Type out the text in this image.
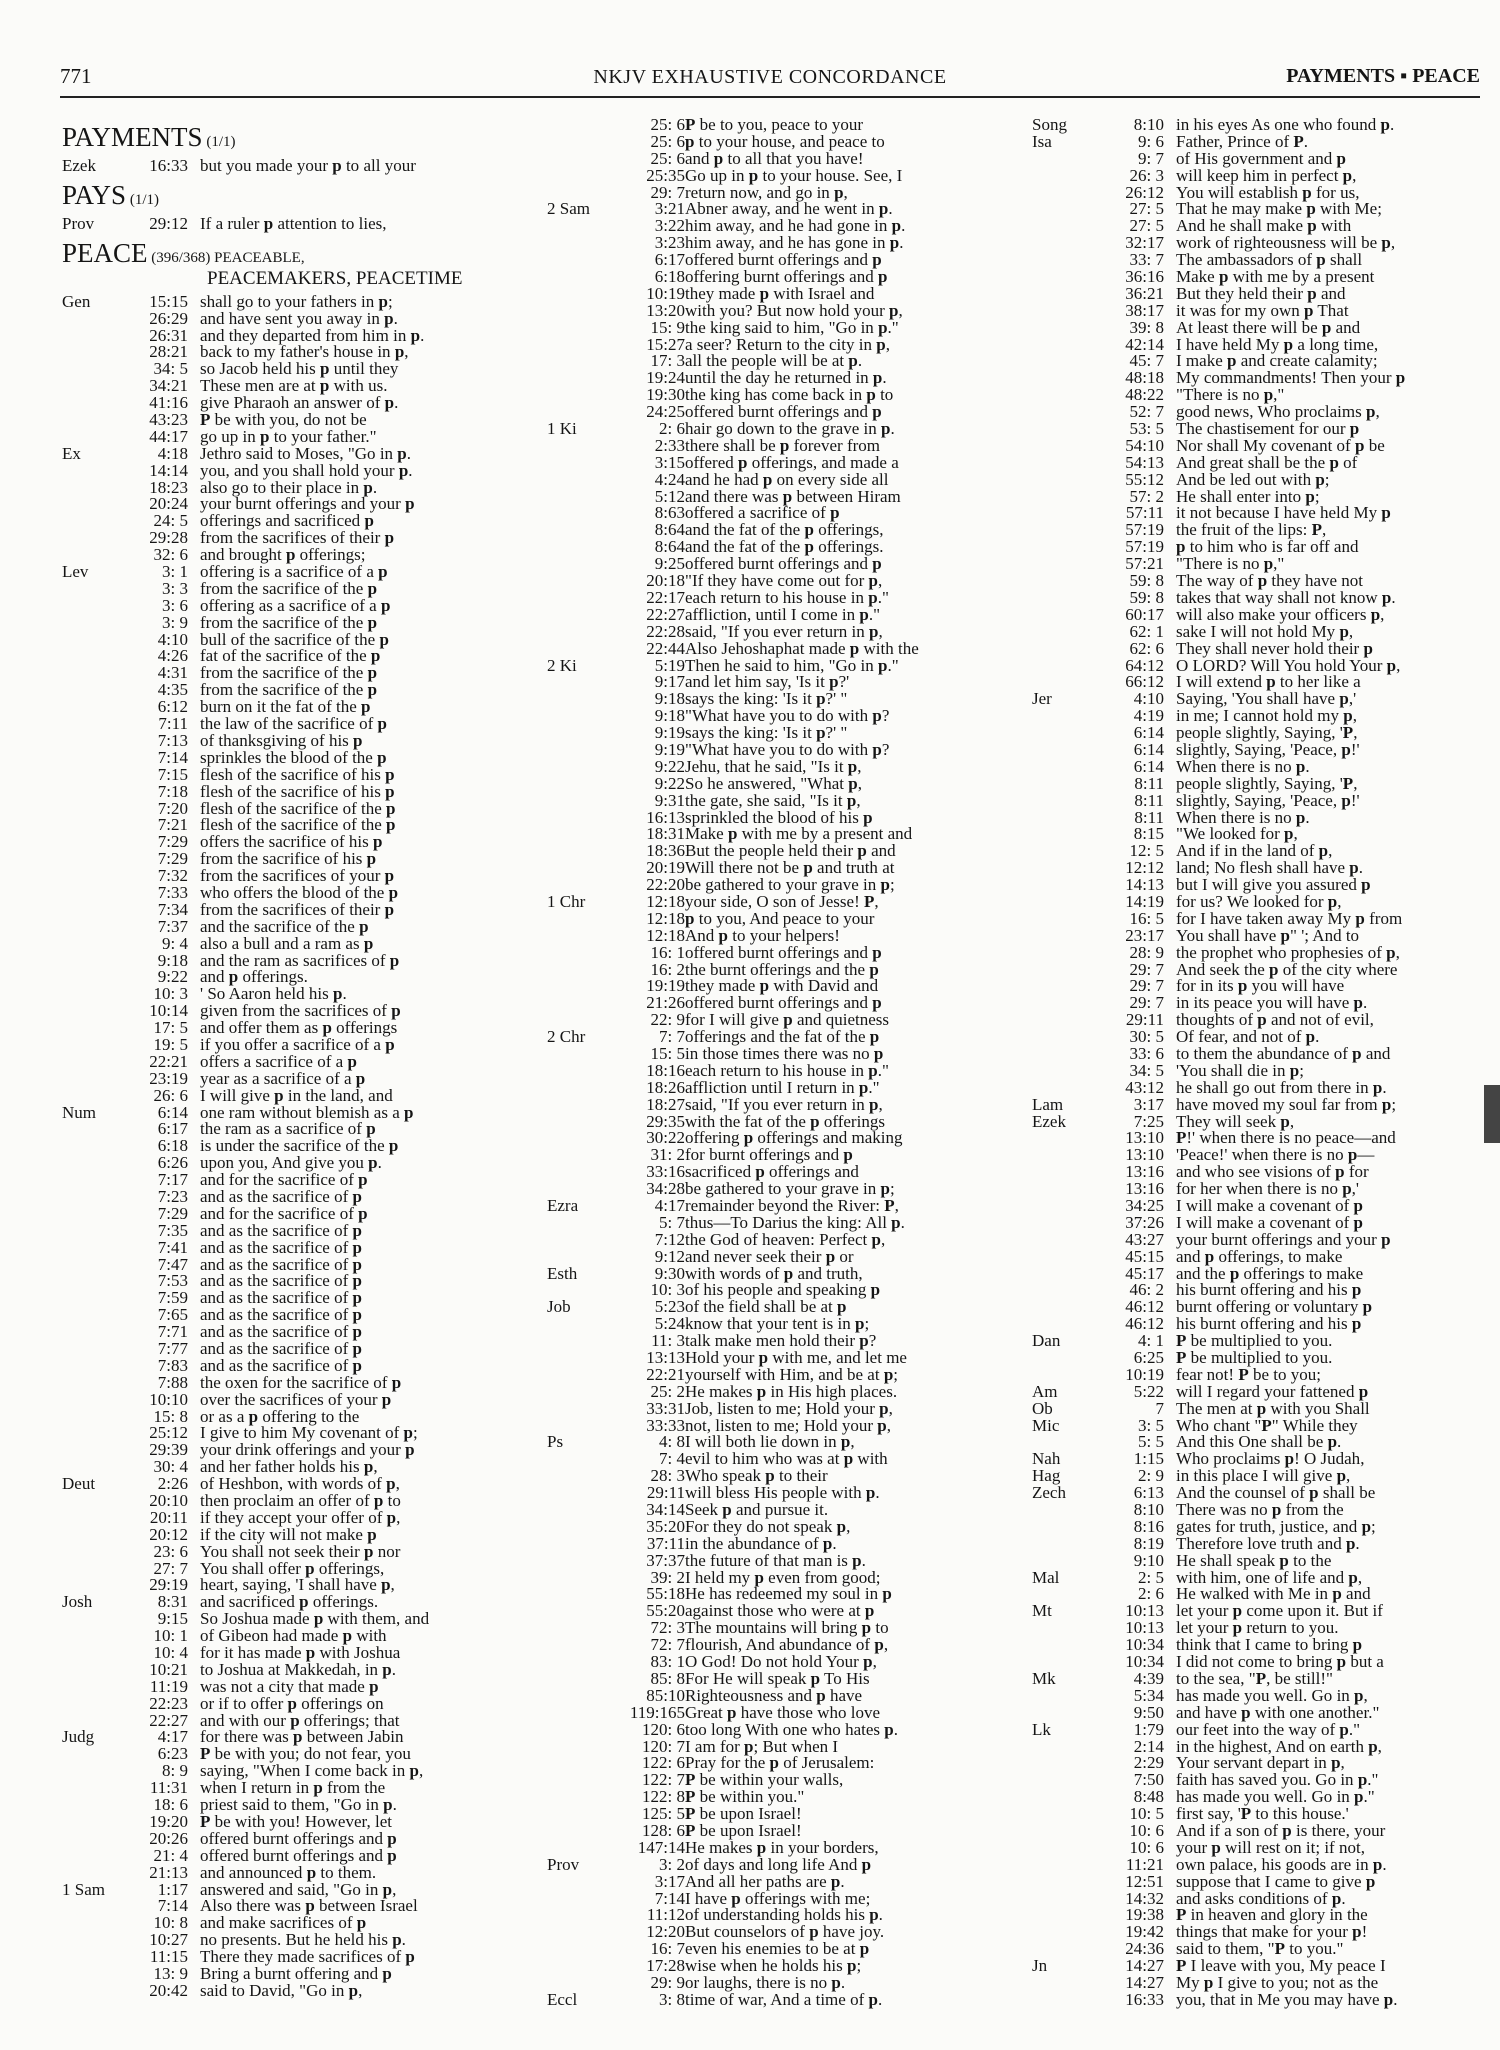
771	NKJV EXHAUSTIVE CONCORDANCE	PAYMENTS ▪ PEACE
PAYMENTS (1/1)
Ezek	16:33 but you made your p to all your
PAYS (1/1)
Prov	29:12 If a ruler p attention to lies,
PEACE (396/368) PEACEABLE,
PEACEMAKERS, PEACETIME
Gen	15:15 shall go to your fathers in p;
26:29 and have sent you away in p.
26:31 and they departed from him in p.
28:21 back to my father's house in p,
34: 5 so Jacob held his p until they
34:21 These men are at p with us.
41:16 give Pharaoh an answer of p.
43:23 P be with you, do not be
44:17 go up in p to your father."
Ex	4:18 Jethro said to Moses, "Go in p.
14:14 you, and you shall hold your p.
18:23 also go to their place in p.
20:24 your burnt offerings and your p
24: 5 offerings and sacrificed p
29:28 from the sacrifices of their p
32: 6 and brought p offerings;
Lev	3: 1 offering is a sacrifice of a p
3: 3 from the sacrifice of the p
3: 6 offering as a sacrifice of a p
3: 9 from the sacrifice of the p
4:10 bull of the sacrifice of the p
4:26 fat of the sacrifice of the p
4:31 from the sacrifice of the p
4:35 from the sacrifice of the p
6:12 burn on it the fat of the p
7:11 the law of the sacrifice of p
7:13 of thanksgiving of his p
7:14 sprinkles the blood of the p
7:15 flesh of the sacrifice of his p
7:18 flesh of the sacrifice of his p
7:20 flesh of the sacrifice of the p
7:21 flesh of the sacrifice of the p
7:29 offers the sacrifice of his p
7:29 from the sacrifice of his p
7:32 from the sacrifices of your p
7:33 who offers the blood of the p
7:34 from the sacrifices of their p
7:37 and the sacrifice of the p
9: 4 also a bull and a ram as p
9:18 and the ram as sacrifices of p
9:22 and p offerings.
10: 3 ' So Aaron held his p.
10:14 given from the sacrifices of p
17: 5 and offer them as p offerings
19: 5 if you offer a sacrifice of a p
22:21 offers a sacrifice of a p
23:19 year as a sacrifice of a p
26: 6 I will give p in the land, and
Num	6:14 one ram without blemish as a p
6:17 the ram as a sacrifice of p
6:18 is under the sacrifice of the p
6:26 upon you, And give you p.
7:17 and for the sacrifice of p
7:23 and as the sacrifice of p
7:29 and for the sacrifice of p
7:35 and as the sacrifice of p
7:41 and as the sacrifice of p
7:47 and as the sacrifice of p
7:53 and as the sacrifice of p
7:59 and as the sacrifice of p
7:65 and as the sacrifice of p
7:71 and as the sacrifice of p
7:77 and as the sacrifice of p
7:83 and as the sacrifice of p
7:88 the oxen for the sacrifice of p
10:10 over the sacrifices of your p
15: 8 or as a p offering to the
25:12 I give to him My covenant of p;
29:39 your drink offerings and your p
30: 4 and her father holds his p,
Deut	2:26 of Heshbon, with words of p,
20:10 then proclaim an offer of p to
20:11 if they accept your offer of p,
20:12 if the city will not make p
23: 6 You shall not seek their p nor
27: 7 You shall offer p offerings,
29:19 heart, saying, 'I shall have p,
Josh	8:31 and sacrificed p offerings.
9:15 So Joshua made p with them, and
10: 1 of Gibeon had made p with
10: 4 for it has made p with Joshua
10:21 to Joshua at Makkedah, in p.
11:19 was not a city that made p
22:23 or if to offer p offerings on
22:27 and with our p offerings; that
Judg	4:17 for there was p between Jabin
6:23 P be with you; do not fear, you
8: 9 saying, "When I come back in p,
11:31 when I return in p from the
18: 6 priest said to them, "Go in p.
19:20 P be with you! However, let
20:26 offered burnt offerings and p
21: 4 offered burnt offerings and p
21:13 and announced p to them.
1 Sam	1:17 answered and said, "Go in p,
7:14 Also there was p between Israel
10: 8 and make sacrifices of p
10:27 no presents. But he held his p.
11:15 There they made sacrifices of p
13: 9 Bring a burnt offering and p
20:42 said to David, "Go in p,
25: 6 P be to you, peace to your
25: 6 p to your house, and peace to
25: 6 and p to all that you have!
25:35 Go up in p to your house. See, I
29: 7 return now, and go in p,
2 Sam	3:21 Abner away, and he went in p.
3:22 him away, and he had gone in p.
3:23 him away, and he has gone in p.
6:17 offered burnt offerings and p
6:18 offering burnt offerings and p
10:19 they made p with Israel and
13:20 with you? But now hold your p,
15: 9 the king said to him, "Go in p."
15:27 a seer? Return to the city in p,
17: 3 all the people will be at p.
19:24 until the day he returned in p.
19:30 the king has come back in p to
24:25 offered burnt offerings and p
1 Ki	2: 6 hair go down to the grave in p.
2:33 there shall be p forever from
3:15 offered p offerings, and made a
4:24 and he had p on every side all
5:12 and there was p between Hiram
8:63 offered a sacrifice of p
8:64 and the fat of the p offerings,
8:64 and the fat of the p offerings.
9:25 offered burnt offerings and p
20:18 "If they have come out for p,
22:17 each return to his house in p."
22:27 affliction, until I come in p."
22:28 said, "If you ever return in p,
22:44 Also Jehoshaphat made p with the
2 Ki	5:19 Then he said to him, "Go in p."
9:17 and let him say, 'Is it p?'
9:18 says the king: 'Is it p?' "
9:18 "What have you to do with p?
9:19 says the king: 'Is it p?' "
9:19 "What have you to do with p?
9:22 Jehu, that he said, "Is it p,
9:22 So he answered, "What p,
9:31 the gate, she said, "Is it p,
16:13 sprinkled the blood of his p
18:31 Make p with me by a present and
18:36 But the people held their p and
20:19 Will there not be p and truth at
22:20 be gathered to your grave in p;
1 Chr	12:18 your side, O son of Jesse! P,
12:18 p to you, And peace to your
12:18 And p to your helpers!
16: 1 offered burnt offerings and p
16: 2 the burnt offerings and the p
19:19 they made p with David and
21:26 offered burnt offerings and p
22: 9 for I will give p and quietness
2 Chr	7: 7 offerings and the fat of the p
15: 5 in those times there was no p
18:16 each return to his house in p."
18:26 affliction until I return in p."
18:27 said, "If you ever return in p,
29:35 with the fat of the p offerings
30:22 offering p offerings and making
31: 2 for burnt offerings and p
33:16 sacrificed p offerings and
34:28 be gathered to your grave in p;
Ezra	4:17 remainder beyond the River: P,
5: 7 thus—To Darius the king: All p.
7:12 the God of heaven: Perfect p,
9:12 and never seek their p or
Esth	9:30 with words of p and truth,
10: 3 of his people and speaking p
Job	5:23 of the field shall be at p
5:24 know that your tent is in p;
11: 3 talk make men hold their p?
13:13 Hold your p with me, and let me
22:21 yourself with Him, and be at p;
25: 2 He makes p in His high places.
33:31 Job, listen to me; Hold your p,
33:33 not, listen to me; Hold your p,
Ps	4: 8 I will both lie down in p,
7: 4 evil to him who was at p with
28: 3 Who speak p to their
29:11 will bless His people with p.
34:14 Seek p and pursue it.
35:20 For they do not speak p,
37:11 in the abundance of p.
37:37 the future of that man is p.
39: 2 I held my p even from good;
55:18 He has redeemed my soul in p
55:20 against those who were at p
72: 3 The mountains will bring p to
72: 7 flourish, And abundance of p,
83: 1 O God! Do not hold Your p,
85: 8 For He will speak p To His
85:10 Righteousness and p have
119:165 Great p have those who love
120: 6 too long With one who hates p.
120: 7 I am for p; But when I
122: 6 Pray for the p of Jerusalem:
122: 7 P be within your walls,
122: 8 P be within you."
125: 5 P be upon Israel!
128: 6 P be upon Israel!
147:14 He makes p in your borders,
Prov	3: 2 of days and long life And p
3:17 And all her paths are p.
7:14 I have p offerings with me;
11:12 of understanding holds his p.
12:20 But counselors of p have joy.
16: 7 even his enemies to be at p
17:28 wise when he holds his p;
29: 9 or laughs, there is no p.
Eccl	3: 8 time of war, And a time of p.
Song	8:10 in his eyes As one who found p.
Isa	9: 6 Father, Prince of P.
9: 7 of His government and p
26: 3 will keep him in perfect p,
26:12 You will establish p for us,
27: 5 That he may make p with Me;
27: 5 And he shall make p with
32:17 work of righteousness will be p,
33: 7 The ambassadors of p shall
36:16 Make p with me by a present
36:21 But they held their p and
38:17 it was for my own p That
39: 8 At least there will be p and
42:14 I have held My p a long time,
45: 7 I make p and create calamity;
48:18 My commandments! Then your p
48:22 "There is no p,"
52: 7 good news, Who proclaims p,
53: 5 The chastisement for our p
54:10 Nor shall My covenant of p be
54:13 And great shall be the p of
55:12 And be led out with p;
57: 2 He shall enter into p;
57:11 it not because I have held My p
57:19 the fruit of the lips: P,
57:19 p to him who is far off and
57:21 "There is no p,"
59: 8 The way of p they have not
59: 8 takes that way shall not know p.
60:17 will also make your officers p,
62: 1 sake I will not hold My p,
62: 6 They shall never hold their p
64:12 O LORD? Will You hold Your p,
66:12 I will extend p to her like a
Jer	4:10 Saying, 'You shall have p,'
4:19 in me; I cannot hold my p,
6:14 people slightly, Saying, 'P,
6:14 slightly, Saying, 'Peace, p!'
6:14 When there is no p.
8:11 people slightly, Saying, 'P,
8:11 slightly, Saying, 'Peace, p!'
8:11 When there is no p.
8:15 "We looked for p,
12: 5 And if in the land of p,
12:12 land; No flesh shall have p.
14:13 but I will give you assured p
14:19 for us? We looked for p,
16: 5 for I have taken away My p from
23:17 You shall have p" '; And to
28: 9 the prophet who prophesies of p,
29: 7 And seek the p of the city where
29: 7 for in its p you will have
29: 7 in its peace you will have p.
29:11 thoughts of p and not of evil,
30: 5 Of fear, and not of p.
33: 6 to them the abundance of p and
34: 5 'You shall die in p;
43:12 he shall go out from there in p.
Lam	3:17 have moved my soul far from p;
Ezek	7:25 They will seek p,
13:10 P!' when there is no peace—and
13:10 'Peace!' when there is no p—
13:16 and who see visions of p for
13:16 for her when there is no p,'
34:25 I will make a covenant of p
37:26 I will make a covenant of p
43:27 your burnt offerings and your p
45:15 and p offerings, to make
45:17 and the p offerings to make
46: 2 his burnt offering and his p
46:12 burnt offering or voluntary p
46:12 his burnt offering and his p
Dan	4: 1 P be multiplied to you.
6:25 P be multiplied to you.
10:19 fear not! P be to you;
Am	5:22 will I regard your fattened p
Ob	7 The men at p with you Shall
Mic	3: 5 Who chant "P" While they
5: 5 And this One shall be p.
Nah	1:15 Who proclaims p! O Judah,
Hag	2: 9 in this place I will give p,
Zech	6:13 And the counsel of p shall be
8:10 There was no p from the
8:16 gates for truth, justice, and p;
8:19 Therefore love truth and p.
9:10 He shall speak p to the
Mal	2: 5 with him, one of life and p,
2: 6 He walked with Me in p and
Mt	10:13 let your p come upon it. But if
10:13 let your p return to you.
10:34 think that I came to bring p
10:34 I did not come to bring p but a
Mk	4:39 to the sea, "P, be still!"
5:34 has made you well. Go in p,
9:50 and have p with one another."
Lk	1:79 our feet into the way of p."
2:14 in the highest, And on earth p,
2:29 Your servant depart in p,
7:50 faith has saved you. Go in p."
8:48 has made you well. Go in p."
10: 5 first say, 'P to this house.'
10: 6 And if a son of p is there, your
10: 6 your p will rest on it; if not,
11:21 own palace, his goods are in p.
12:51 suppose that I came to give p
14:32 and asks conditions of p.
19:38 P in heaven and glory in the
19:42 things that make for your p!
24:36 said to them, "P to you."
Jn	14:27 P I leave with you, My peace I
14:27 My p I give to you; not as the
16:33 you, that in Me you may have p.
